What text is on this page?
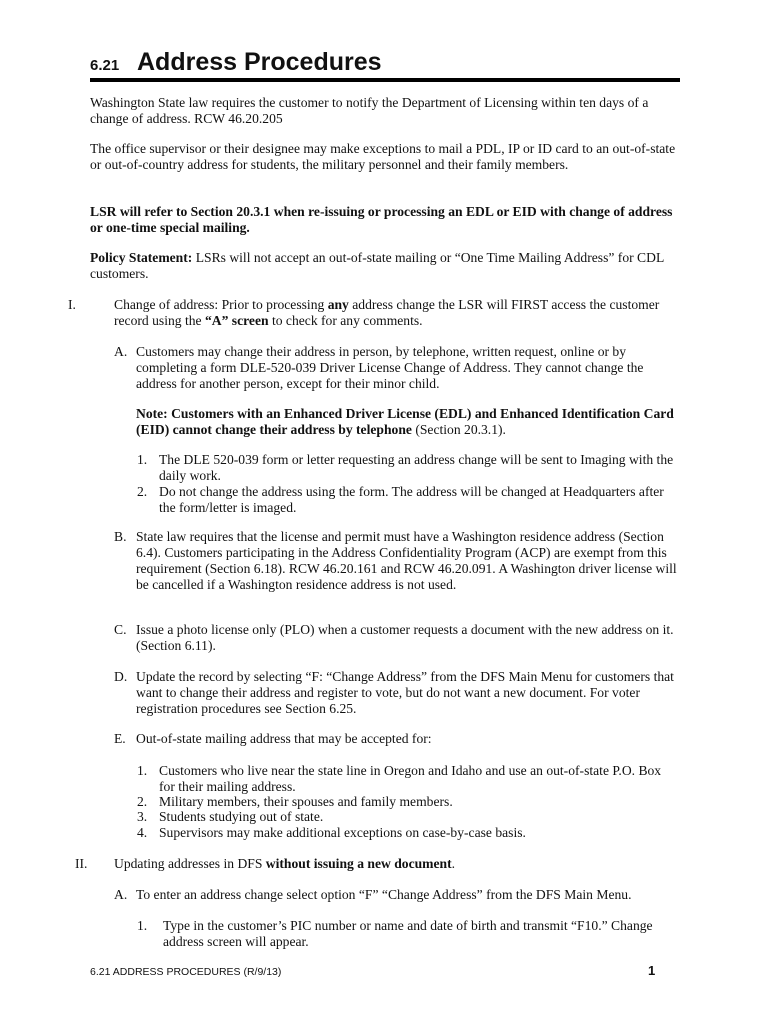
6.21 Address Procedures

Washington State law requires the customer to notify the Department of Licensing within ten days of a change of address. RCW 46.20.205

The office supervisor or their designee may make exceptions to mail a PDL, IP or ID card to an out-of-state or out-of-country address for students, the military personnel and their family members.

LSR will refer to Section 20.3.1 when re-issuing or processing an EDL or EID with change of address or one-time special mailing.

Policy Statement: LSRs will not accept an out-of-state mailing or “One Time Mailing Address” for CDL customers.

I.	Change of address: Prior to processing any address change the LSR will FIRST access the customer record using the “A” screen to check for any comments.

A. Customers may change their address in person, by telephone, written request, online or by completing a form DLE-520-039 Driver License Change of Address. They cannot change the address for another person, except for their minor child.

Note: Customers with an Enhanced Driver License (EDL) and Enhanced Identification Card (EID) cannot change their address by telephone (Section 20.3.1).

1. The DLE 520-039 form or letter requesting an address change will be sent to Imaging with the daily work.

2. Do not change the address using the form. The address will be changed at Headquarters after the form/letter is imaged.

B. State law requires that the license and permit must have a Washington residence address (Section 6.4). Customers participating in the Address Confidentiality Program (ACP) are exempt from this requirement (Section 6.18). RCW 46.20.161 and RCW 46.20.091. A Washington driver license will be cancelled if a Washington residence address is not used.

C. Issue a photo license only (PLO) when a customer requests a document with the new address on it. (Section 6.11).

D. Update the record by selecting “F: “Change Address” from the DFS Main Menu for customers that want to change their address and register to vote, but do not want a new document. For voter registration procedures see Section 6.25.

E. Out-of-state mailing address that may be accepted for:

1. Customers who live near the state line in Oregon and Idaho and use an out-of-state P.O. Box for their mailing address.

2. Military members, their spouses and family members.

3. Students studying out of state.

4. Supervisors may make additional exceptions on case-by-case basis.

II. Updating addresses in DFS without issuing a new document.

A. To enter an address change select option “F” “Change Address” from the DFS Main Menu.

1. Type in the customer’s PIC number or name and date of birth and transmit “F10.” Change address screen will appear.

6.21 ADDRESS PROCEDURES (R/9/13)	1
